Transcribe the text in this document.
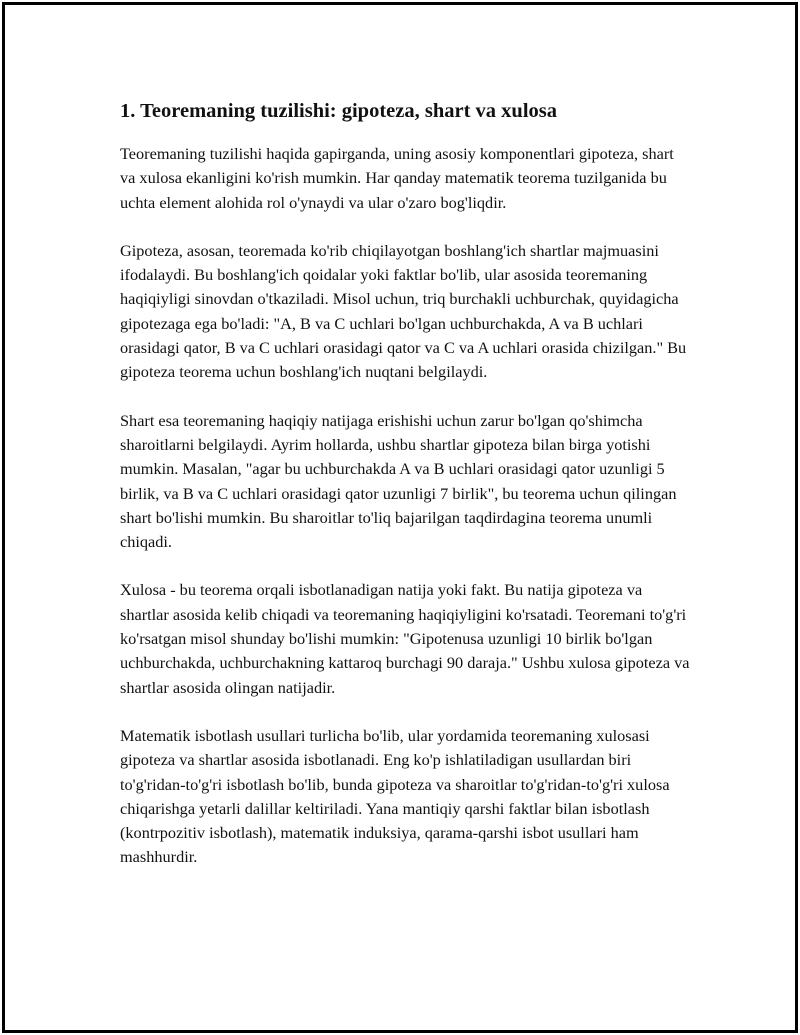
1. Teoremaning tuzilishi: gipoteza, shart va xulosa

Teoremaning tuzilishi haqida gapirganda, uning asosiy komponentlari gipoteza, shart va xulosa ekanligini ko'rish mumkin. Har qanday matematik teorema tuzilganida bu uchta element alohida rol o'ynaydi va ular o'zaro bog'liqdir.

Gipoteza, asosan, teoremada ko'rib chiqilayotgan boshlang'ich shartlar majmuasini ifodalaydi. Bu boshlang'ich qoidalar yoki faktlar bo'lib, ular asosida teoremaning haqiqiyligi sinovdan o'tkaziladi. Misol uchun, triq burchakli uchburchak, quyidagicha gipotezaga ega bo'ladi: "A, B va C uchlari bo'lgan uchburchakda, A va B uchlari orasidagi qator, B va C uchlari orasidagi qator va C va A uchlari orasida chizilgan." Bu gipoteza teorema uchun boshlang'ich nuqtani belgilaydi.

Shart esa teoremaning haqiqiy natijaga erishishi uchun zarur bo'lgan qo'shimcha sharoitlarni belgilaydi. Ayrim hollarda, ushbu shartlar gipoteza bilan birga yotishi mumkin. Masalan, "agar bu uchburchakda A va B uchlari orasidagi qator uzunligi 5 birlik, va B va C uchlari orasidagi qator uzunligi 7 birlik", bu teorema uchun qilingan shart bo'lishi mumkin. Bu sharoitlar to'liq bajarilgan taqdirdagina teorema unumli chiqadi.

Xulosa - bu teorema orqali isbotlanadigan natija yoki fakt. Bu natija gipoteza va shartlar asosida kelib chiqadi va teoremaning haqiqiyligini ko'rsatadi. Teoremani to'g'ri ko'rsatgan misol shunday bo'lishi mumkin: "Gipotenusa uzunligi 10 birlik bo'lgan uchburchakda, uchburchakning kattaroq burchagi 90 daraja." Ushbu xulosa gipoteza va shartlar asosida olingan natijadir.

Matematik isbotlash usullari turlicha bo'lib, ular yordamida teoremaning xulosasi gipoteza va shartlar asosida isbotlanadi. Eng ko'p ishlatiladigan usullardan biri to'g'ridan-to'g'ri isbotlash bo'lib, bunda gipoteza va sharoitlar to'g'ridan-to'g'ri xulosa chiqarishga yetarli dalillar keltiriladi. Yana mantiqiy qarshi faktlar bilan isbotlash (kontrpozitiv isbotlash), matematik induksiya, qarama-qarshi isbot usullari ham mashhurdir.
